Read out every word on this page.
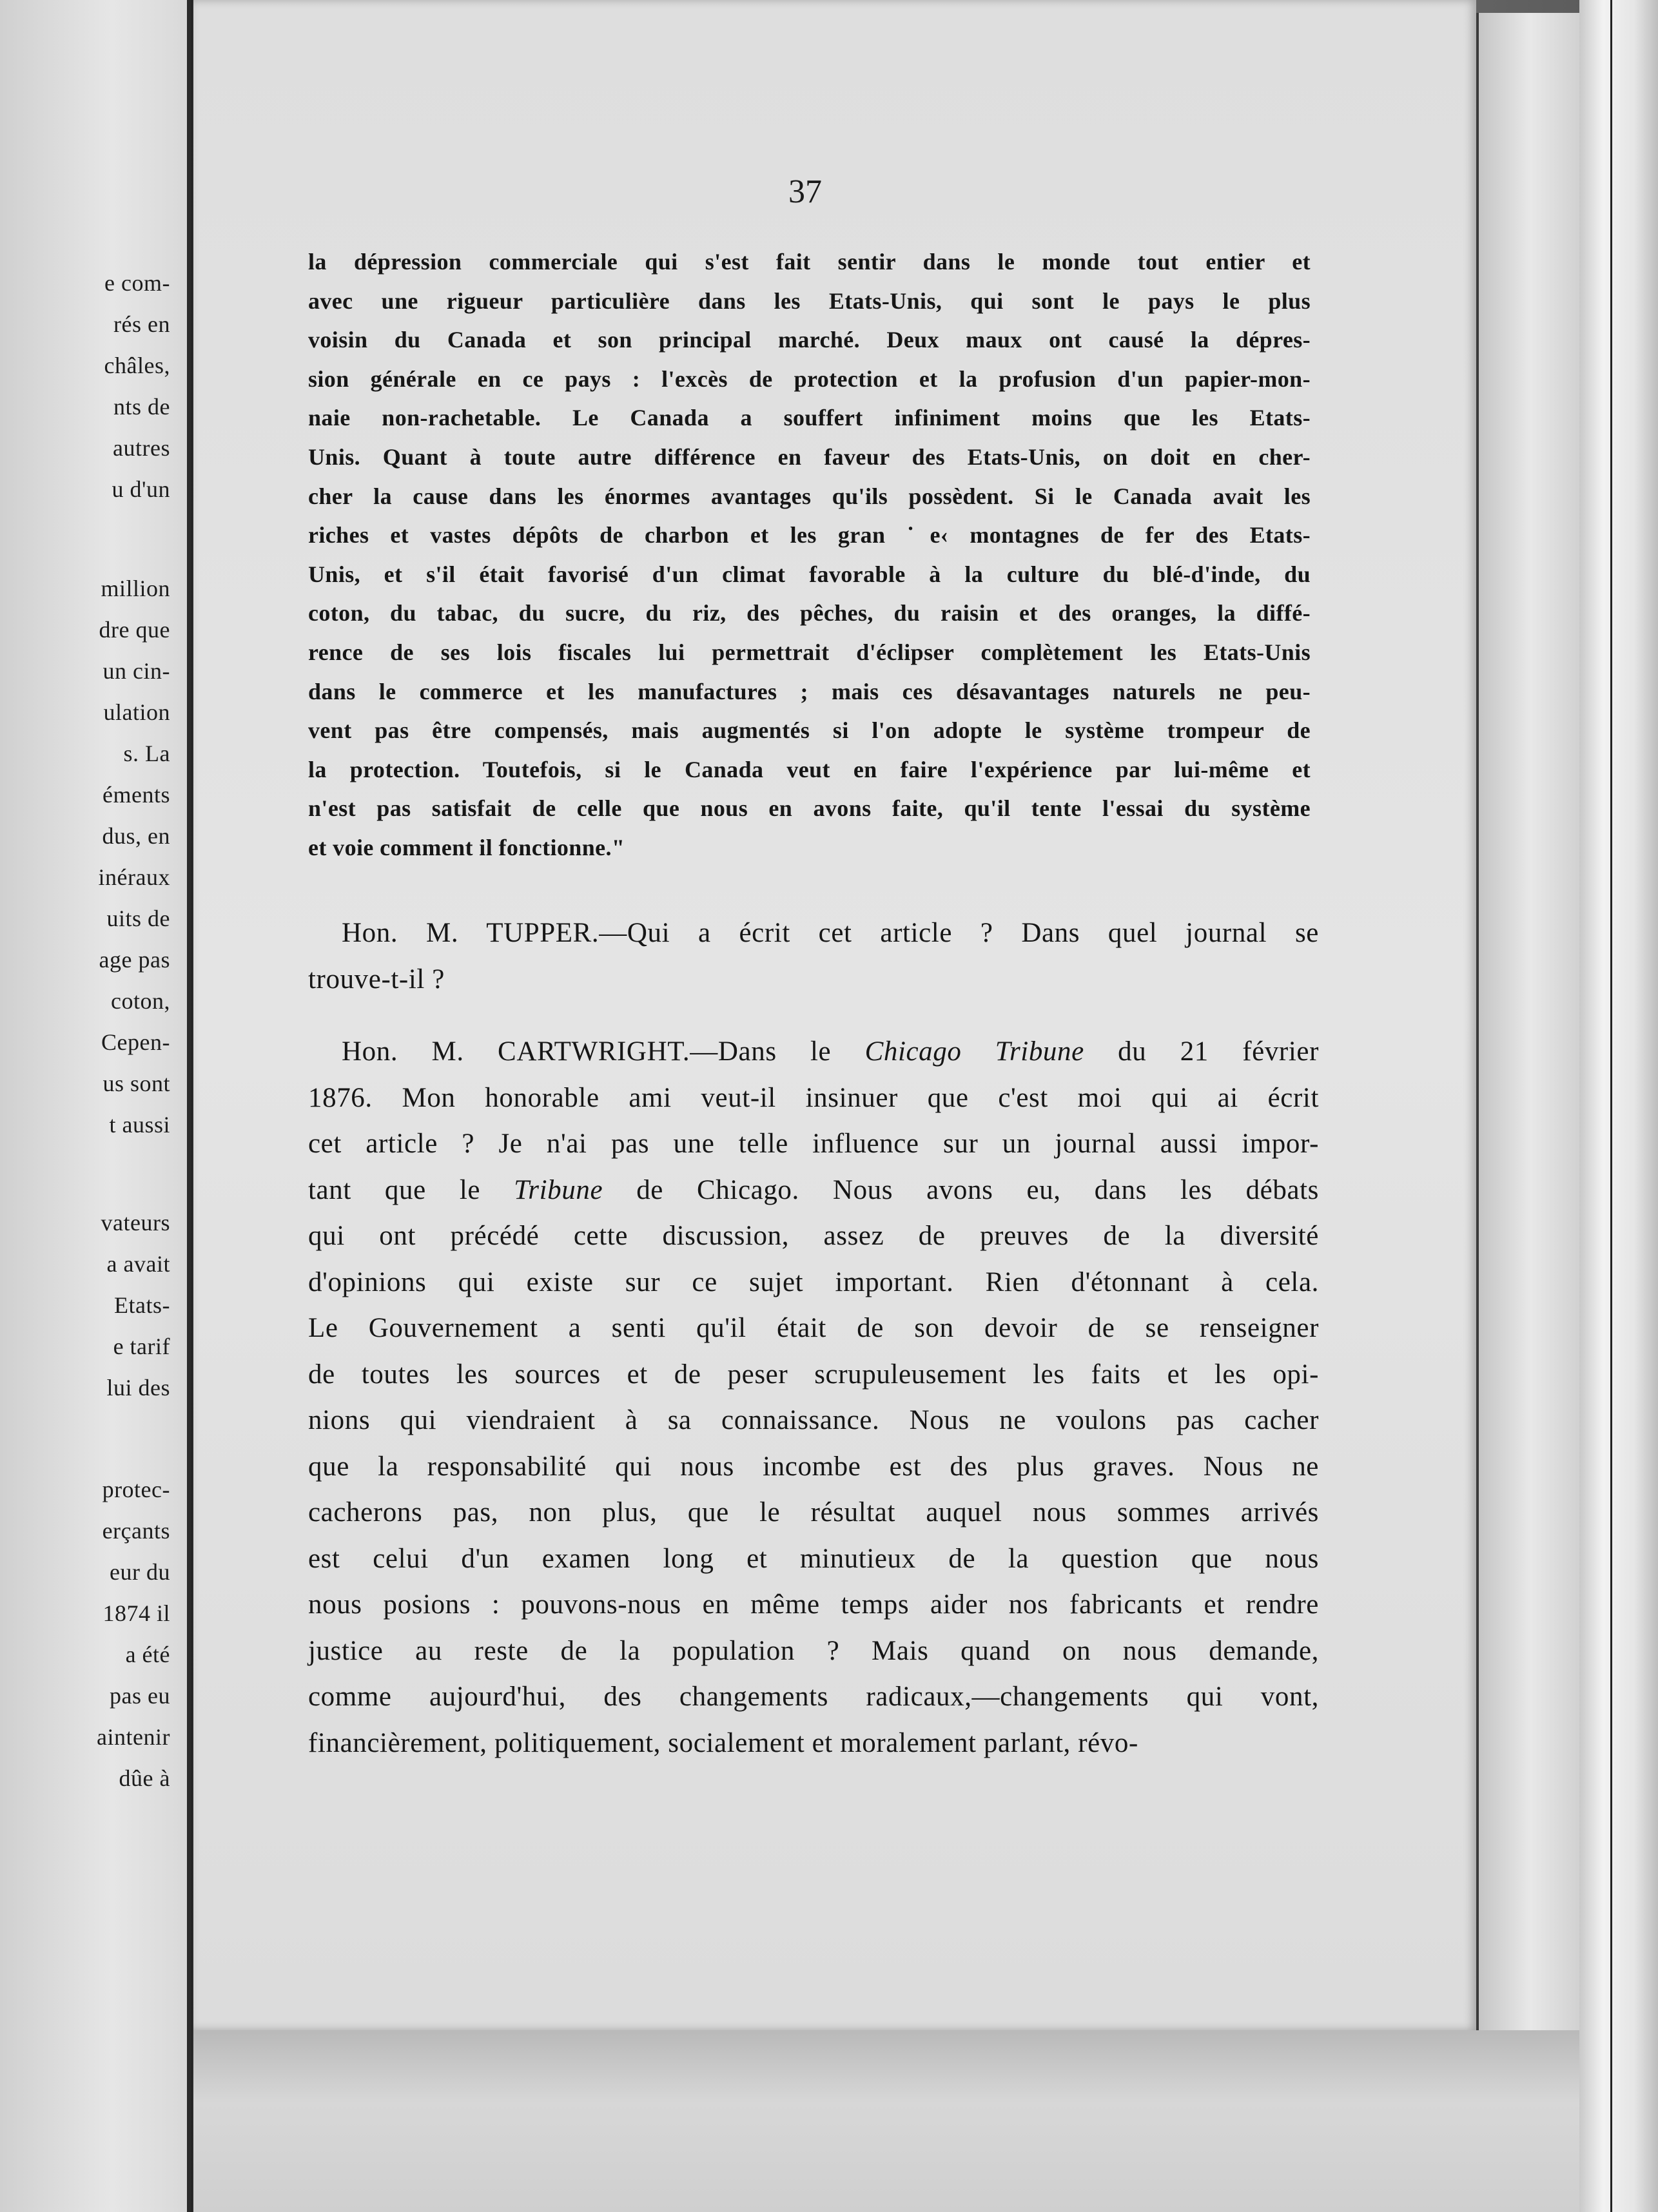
e com-
rés en
châles,
nts de
autres
u d'un
million
dre que
un cin-
ulation
s. La
éments
dus, en
inéraux
uits de
age pas
coton,
Cepen-
us sont
t aussi
vateurs
a avait
Etats-
e tarif
lui des
protec-
erçants
eur du
1874 il
a été
pas eu
aintenir
dûe à
37
la dépression commerciale qui s'est fait sentir dans le monde tout entier et
avec une rigueur particulière dans les Etats-Unis, qui sont le pays le plus
voisin du Canada et son principal marché. Deux maux ont causé la dépres-
sion générale en ce pays : l'excès de protection et la profusion d'un papier-mon-
naie non-rachetable. Le Canada a souffert infiniment moins que les Etats-
Unis. Quant à toute autre différence en faveur des Etats-Unis, on doit en cher-
cher la cause dans les énormes avantages qu'ils possèdent. Si le Canada avait les
riches et vastes dépôts de charbon et les gran ˙e‹ montagnes de fer des Etats-
Unis, et s'il était favorisé d'un climat favorable à la culture du blé-d'inde, du
coton, du tabac, du sucre, du riz, des pêches, du raisin et des oranges, la diffé-
rence de ses lois fiscales lui permettrait d'éclipser complètement les Etats-Unis
dans le commerce et les manufactures ; mais ces désavantages naturels ne peu-
vent pas être compensés, mais augmentés si l'on adopte le système trompeur de
la protection. Toutefois, si le Canada veut en faire l'expérience par lui-même et
n'est pas satisfait de celle que nous en avons faite, qu'il tente l'essai du système
et voie comment il fonctionne."
Hon. M. TUPPER.—Qui a écrit cet article ? Dans quel journal se
trouve-t-il ?
Hon. M. CARTWRIGHT.—Dans le Chicago Tribune du 21 février
1876. Mon honorable ami veut-il insinuer que c'est moi qui ai écrit
cet article ? Je n'ai pas une telle influence sur un journal aussi impor-
tant que le Tribune de Chicago. Nous avons eu, dans les débats
qui ont précédé cette discussion, assez de preuves de la diversité
d'opinions qui existe sur ce sujet important. Rien d'étonnant à cela.
Le Gouvernement a senti qu'il était de son devoir de se renseigner
de toutes les sources et de peser scrupuleusement les faits et les opi-
nions qui viendraient à sa connaissance. Nous ne voulons pas cacher
que la responsabilité qui nous incombe est des plus graves. Nous ne
cacherons pas, non plus, que le résultat auquel nous sommes arrivés
est celui d'un examen long et minutieux de la question que nous
nous posions : pouvons-nous en même temps aider nos fabricants et rendre
justice au reste de la population ? Mais quand on nous demande,
comme aujourd'hui, des changements radicaux,—changements qui vont,
financièrement, politiquement, socialement et moralement parlant, révo-
